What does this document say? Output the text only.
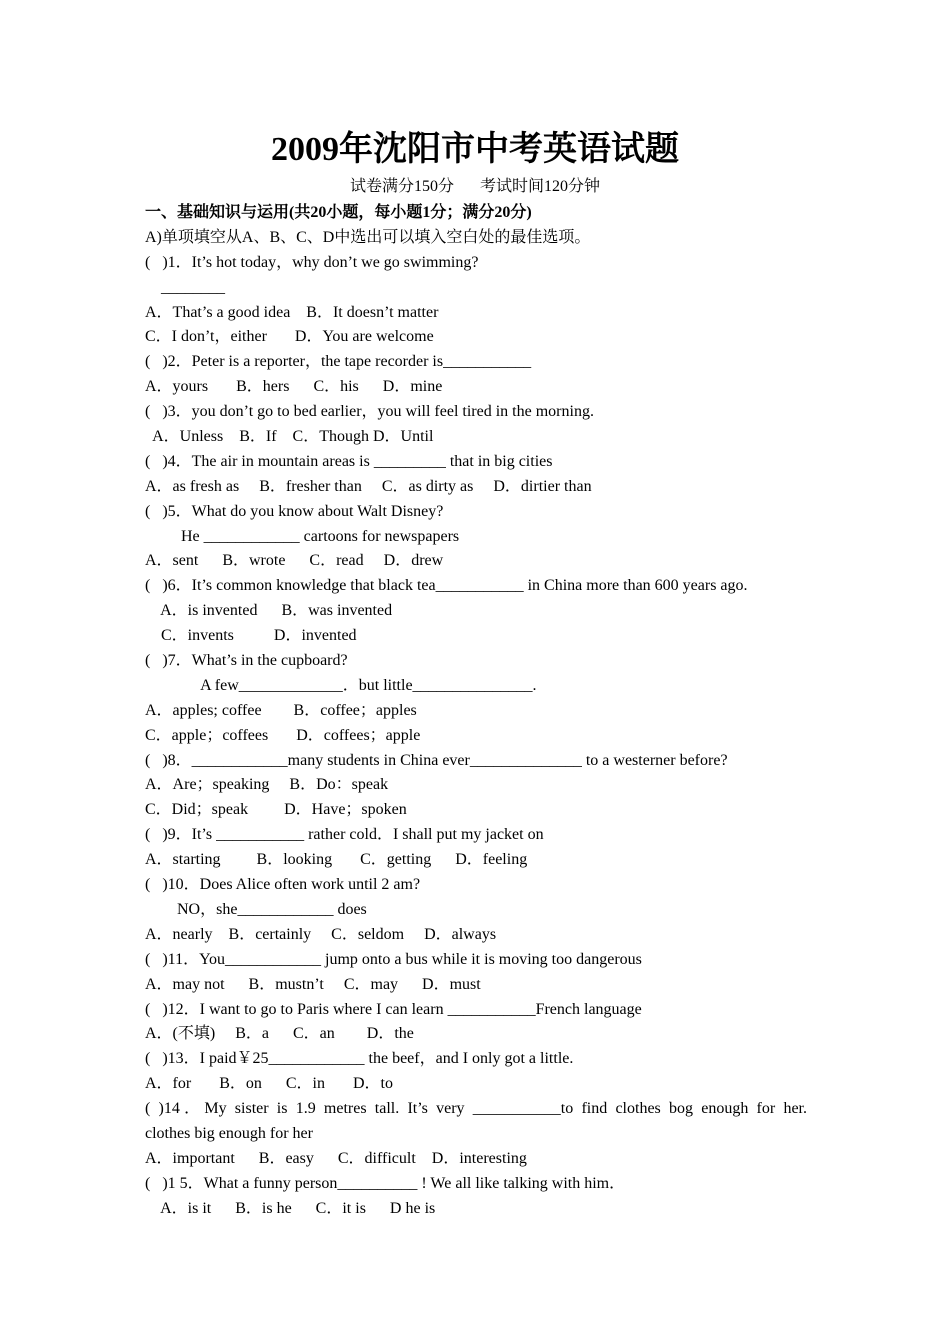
2009年沈阳市中考英语试题
试卷满分150分 考试时间120分钟
一、基础知识与运用(共20小题，每小题1分；满分20分)
A)单项填空从A、B、C、D中选出可以填入空白处的最佳选项。
(   )1．It’s hot today，why don’t we go swimming?
________
A．That’s a good idea    B．It doesn’t matter
C．I don’t，either       D．You are welcome
(   )2．Peter is a reporter，the tape recorder is___________
A．yours       B．hers      C．his      D．mine
(   )3．you don’t go to bed earlier，you will feel tired in the morning.
A．Unless    B．If    C．Though D．Until
(   )4．The air in mountain areas is _________ that in big cities
A．as fresh as     B．fresher than     C．as dirty as     D．dirtier than
(   )5．What do you know about Walt Disney?
He ____________ cartoons for newspapers
A．sent      B．wrote      C．read     D．drew
(   )6．It’s common knowledge that black tea___________ in China more than 600 years ago.
A．is invented      B．was invented
C．invents          D．invented
(   )7．What’s in the cupboard?
A few_____________．but little_______________.
A．apples; coffee        B．coffee；apples
C．apple；coffees       D．coffees；apple
(   )8．____________many students in China ever______________ to a westerner before?
A．Are；speaking     B．Do：speak
C．Did；speak         D．Have；spoken
(   )9．It’s ___________ rather cold．I shall put my jacket on
A．starting         B．looking       C．getting      D．feeling
(   )10．Does Alice often work until 2 am?
NO，she____________ does
A．nearly    B．certainly     C．seldom     D．always
(   )11．You____________ jump onto a bus while it is moving too dangerous
A．may not      B．mustn’t     C．may      D．must
(   )12．I want to go to Paris where I can learn ___________French language
A．(不填)     B．a      C．an        D．the
(   )13．I paid￥25____________ the beef，and I only got a little.
A．for       B．on      C．in       D．to
( )14．My sister is 1.9 metres tall. It’s very ___________to find clothes bog enough for her.
clothes big enough for her
A．important      B．easy      C．difficult    D．interesting
(   )1 5．What a funny person__________ ! We all like talking with him．
A．is it      B．is he      C．it is      D he is
